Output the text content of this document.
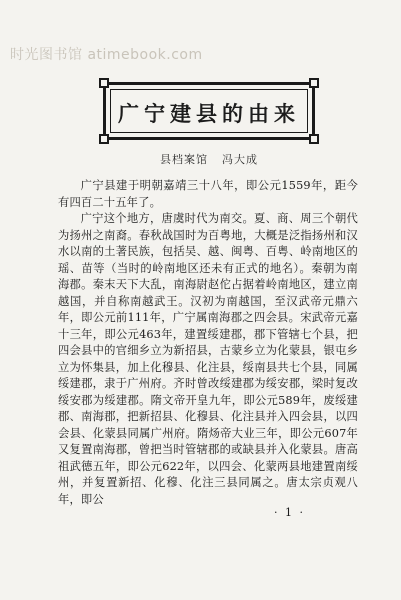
时光图书馆 atimebook.com
广宁建县的由来
县档案馆 冯大成

广宁县建于明朝嘉靖三十八年，即公元1559年，距今有四百二十五年了。

广宁这个地方，唐虞时代为南交。夏、商、周三个朝代为扬州之南裔。春秋战国时为百粤地，大概是泛指扬州和汉水以南的土著民族，包括吴、越、闽粤、百粤、岭南地区的瑶、苗等（当时的岭南地区还未有正式的地名）。秦朝为南海郡。秦末天下大乱，南海尉赵佗占据着岭南地区，建立南越国，并自称南越武王。汉初为南越国，至汉武帝元鼎六年，即公元前111年，广宁属南海郡之四会县。宋武帝元嘉十三年，即公元463年，建置绥建郡，郡下管辖七个县，把四会县中的官细乡立为新招县，古蒙乡立为化蒙县，银屯乡立为怀集县，加上化穆县、化注县，绥南县共七个县，同属绥建郡，隶于广州府。齐时曾改绥建郡为绥安郡，梁时复改绥安郡为绥建郡。隋文帝开皇九年，即公元589年，废绥建郡、南海郡，把新招县、化穆县、化注县并入四会县，以四会县、化蒙县同属广州府。隋炀帝大业三年，即公元607年又复置南海郡，曾把当时管辖郡的或缺县并入化蒙县。唐高祖武德五年，即公元622年，以四会、化蒙两县地建置南绥州，并复置新招、化穆、化注三县同属之。唐太宗贞观八年，即公

· 1 ·
